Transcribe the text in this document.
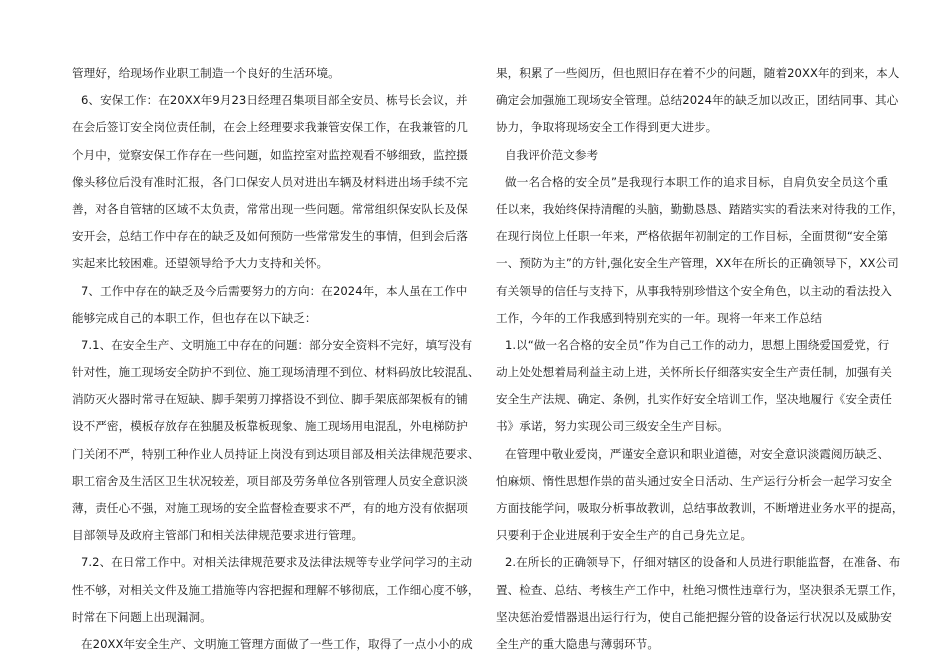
管理好，给现场作业职工制造一个良好的生活环境。
6、安保工作：在20XX年9月23日经理召集项目部全安员、栋号长会议，并
在会后签订安全岗位责任制，在会上经理要求我兼管安保工作，在我兼管的几
个月中，觉察安保工作存在一些问题，如监控室对监控观看不够细致，监控摄
像头移位后没有准时汇报，各门口保安人员对进出车辆及材料进出场手续不完
善，对各自管辖的区域不太负责，常常出现一些问题。常常组织保安队长及保
安开会，总结工作中存在的缺乏及如何预防一些常常发生的事情，但到会后落
实起来比较困难。还望领导给予大力支持和关怀。
7、工作中存在的缺乏及今后需要努力的方向：在2024年，本人虽在工作中
能够完成自己的本职工作，但也存在以下缺乏：
7.1、在安全生产、文明施工中存在的问题：部分安全资料不完好，填写没有
针对性，施工现场安全防护不到位、施工现场清理不到位、材料码放比较混乱、
消防灭火器时常寻在短缺、脚手架剪刀撑搭设不到位、脚手架底部架板有的铺
设不严密，模板存放存在独腿及板靠板现象、施工现场用电混乱，外电梯防护
门关闭不严，特别工种作业人员持证上岗没有到达项目部及相关法律规范要求、
职工宿舍及生活区卫生状况较差，项目部及劳务单位各别管理人员安全意识淡
薄，责任心不强，对施工现场的安全监督检查要求不严，有的地方没有依据项
目部领导及政府主管部门和相关法律规范要求进行管理。
7.2、在日常工作中。对相关法律规范要求及法律法规等专业学问学习的主动
性不够，对相关文件及施工措施等内容把握和理解不够彻底，工作细心度不够，
时常在下问题上出现漏洞。
在20XX年安全生产、文明施工管理方面做了一些工作，取得了一点小小的成
果，积累了一些阅历，但也照旧存在着不少的问题，随着20XX年的到来，本人
确定会加强施工现场安全管理。总结2024年的缺乏加以改正，团结同事、其心
协力，争取将现场安全工作得到更大进步。
自我评价范文参考
做一名合格的安全员”是我现行本职工作的追求目标，自肩负安全员这个重
任以来，我始终保持清醒的头脑，勤勤恳恳、踏踏实实的看法来对待我的工作，
在现行岗位上任职一年来，严格依据年初制定的工作目标，全面贯彻“安全第
一、预防为主”的方针,强化安全生产管理，XX年在所长的正确领导下，XX公司
有关领导的信任与支持下，从事我特别珍惜这个安全角色，以主动的看法投入
工作，今年的工作我感到特别充实的一年。现将一年来工作总结
1.以“做一名合格的安全员”作为自己工作的动力，思想上围绕爱国爱党，行
动上处处想着局利益主动上进，关怀所长仔细落实安全生产责任制，加强有关
安全生产法规、确定、条例，扎实作好安全培训工作，坚决地履行《安全责任
书》承诺，努力实现公司三级安全生产目标。
在管理中敬业爱岗，严谨安全意识和职业道德，对安全意识淡霞阅历缺乏、
怕麻烦、惰性思想作祟的苗头通过安全日活动、生产运行分析会一起学习安全
方面技能学问，吸取分析事故教训，总结事故教训，不断增进业务水平的提高，
只要利于企业进展利于安全生产的自己身先立足。
2.在所长的正确领导下，仔细对辖区的设备和人员进行职能监督，在准备、布
置、检查、总结、考核生产工作中，杜绝习惯性违章行为，坚决狠杀无票工作，
坚决惩治爱惜器退出运行行为，使自己能把握分管的设备运行状况以及威胁安
全生产的重大隐患与薄弱环节。
